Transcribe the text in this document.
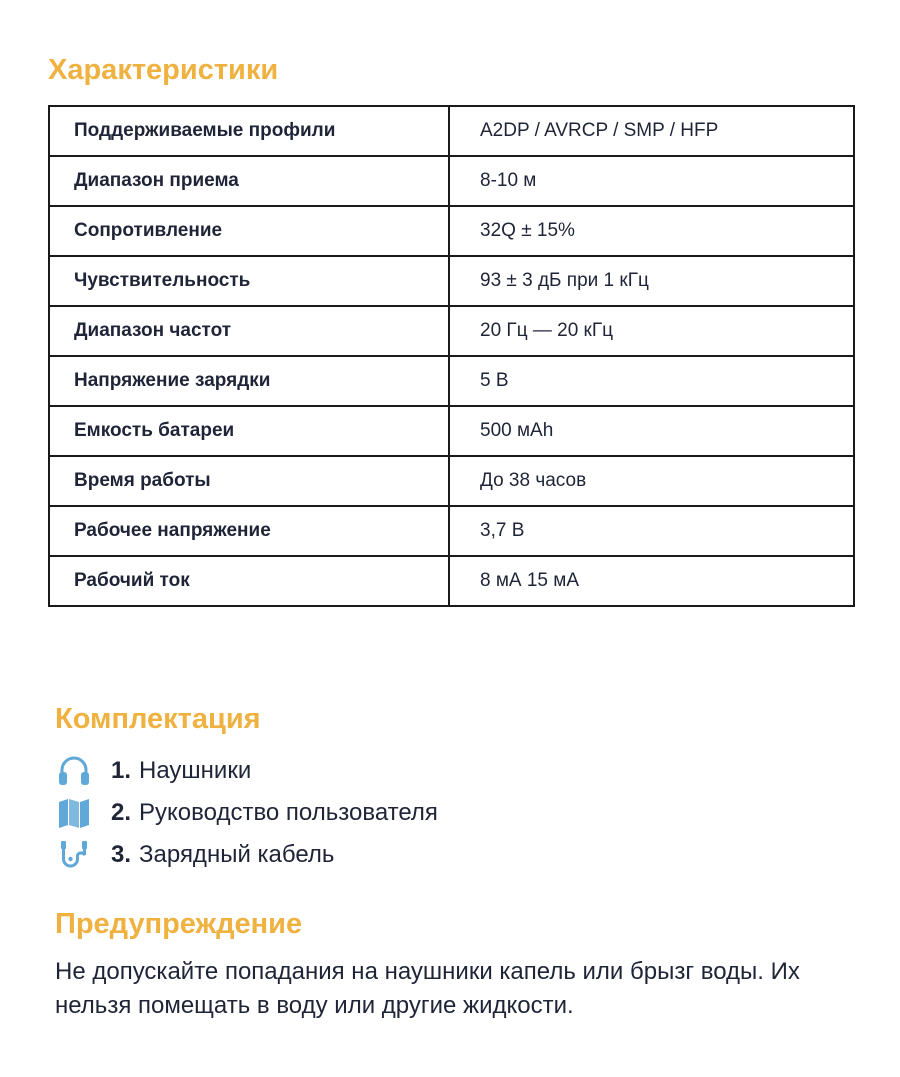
Характеристики
Поддерживаемые профили	A2DP / AVRCP / SMP / HFP
Диапазон приема	8-10 м
Сопротивление	32Q ± 15%
Чувствительность	93 ± 3 дБ при 1 кГц
Диапазон частот	20 Гц — 20 кГц
Напряжение зарядки	5 В
Емкость батареи	500 мАh
Время работы	До 38 часов
Рабочее напряжение	3,7 В
Рабочий ток	8 мА 15 мА
Комплектация
1. Наушники
2. Руководство пользователя
3. Зарядный кабель
Предупреждение

Не допускайте попадания на наушники капель или брызг воды. Их нельзя помещать в воду или другие жидкости.
